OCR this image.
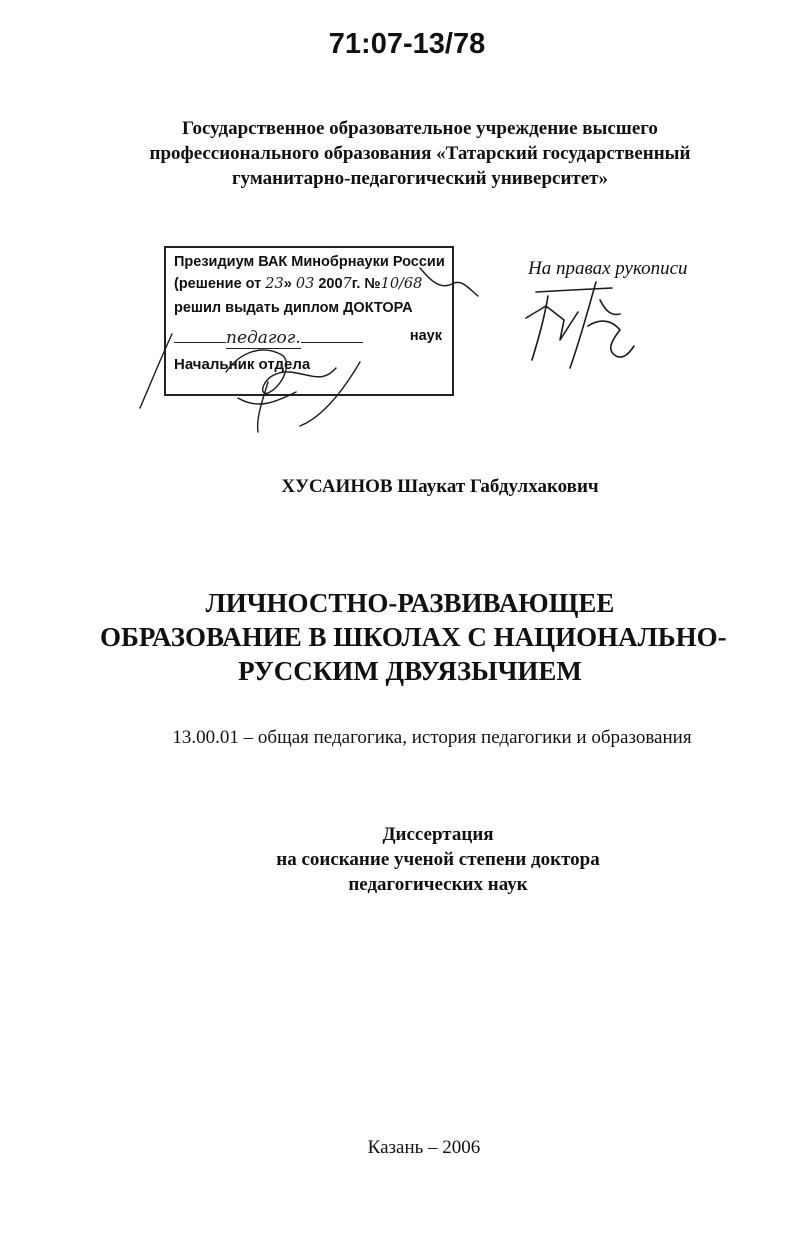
71:07-13/78
Государственное образовательное учреждение высшего
профессионального образования «Татарский государственный
гуманитарно-педагогический университет»
Президиум ВАК Минобрнауки России
(решение от 23» 03 2007г. №10/68
решил выдать диплом ДОКТОРА
педагог.	наук
Начальник отдела
На правах рукописи
ХУСАИНОВ Шаукат Габдулхакович
ЛИЧНОСТНО-РАЗВИВАЮЩЕЕ
ОБРАЗОВАНИЕ В ШКОЛАХ С НАЦИОНАЛЬНО-
РУССКИМ ДВУЯЗЫЧИЕМ
13.00.01 – общая педагогика, история педагогики и образования
Диссертация
на соискание ученой степени доктора
педагогических наук
Казань – 2006
